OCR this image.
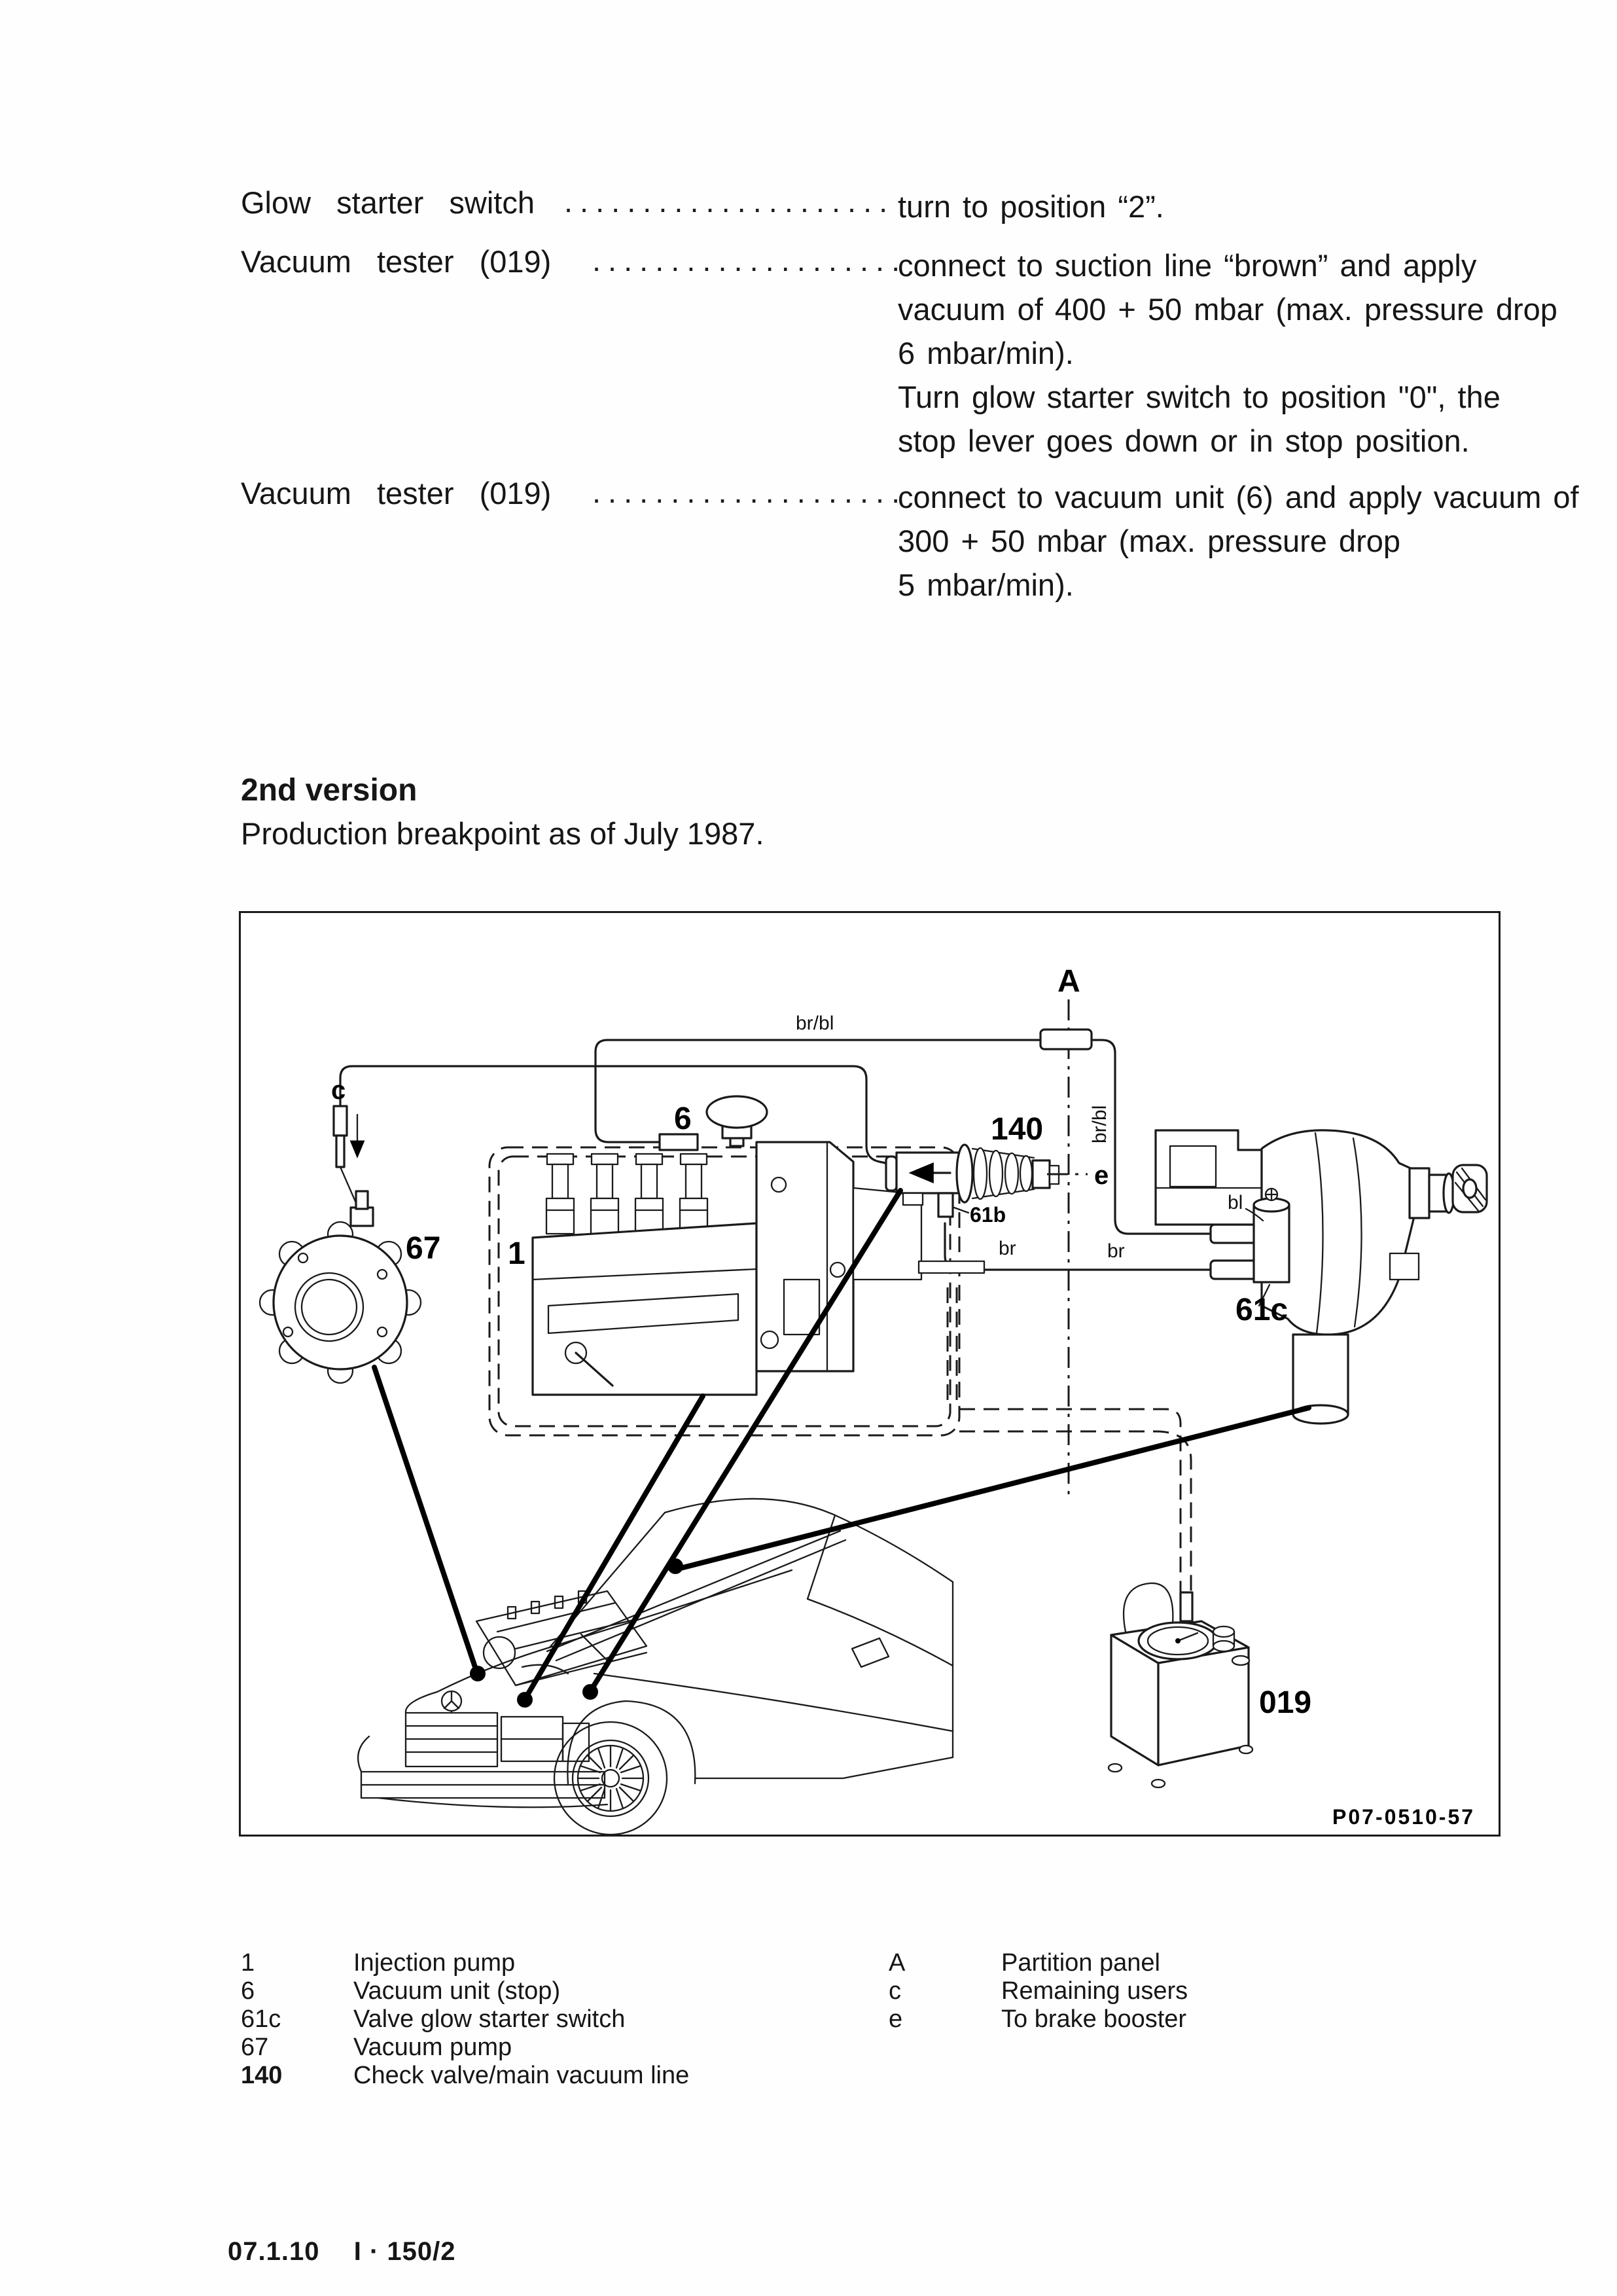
Glow starter switch ..................... turn to position “2”.
Vacuum tester (019) ....................
connect to suction line “brown” and apply
vacuum of 400 + 50 mbar (max. pressure drop
6 mbar/min).
Turn glow starter switch to position "0", the
stop lever goes down or in stop position.
Vacuum tester (019) ....................
connect to vacuum unit (6) and apply vacuum of
300 + 50 mbar (max. pressure drop
5 mbar/min).
2nd version
Production breakpoint as of July 1987.
c
67 1
6	140
61b
e
A
br/bl
br/bl
br	br
bl
61c
019
P07-0510-57
1	Injection pump
6	Vacuum unit (stop)
61c	Valve glow starter switch
67	Vacuum pump
140	Check valve/main vacuum line
A	Partition panel
c	Remaining users
e	To brake booster
07.1.10 I · 150/2
